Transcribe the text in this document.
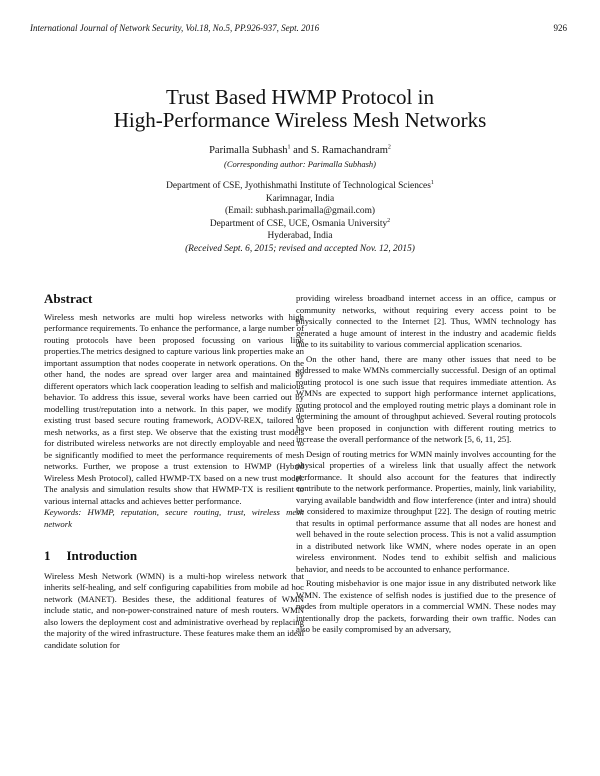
International Journal of Network Security, Vol.18, No.5, PP.926-937, Sept. 2016	926
Trust Based HWMP Protocol in
High-Performance Wireless Mesh Networks
Parimalla Subhash$^1$ and S. Ramachandram$^2$
(Corresponding author: Parimalla Subhash)
Department of CSE, Jyothishmathi Institute of Technological Sciences$^1$
Karimnagar, India
(Email: subhash.parimalla@gmail.com)
Department of CSE, UCE, Osmania University$^2$
Hyderabad, India
(Received Sept. 6, 2015; revised and accepted Nov. 12, 2015)
Abstract

Wireless mesh networks are multi hop wireless networks with high performance requirements. To enhance the performance, a large number of routing protocols have been proposed focussing on various link properties.The metrics designed to capture various link properties make an important assumption that nodes cooperate in network operations. On the other hand, the nodes are spread over larger area and maintained by different operators which lack cooperation leading to selfish and malicious behavior. To address this issue, several works have been carried out by modelling trust/reputation into a network. In this paper, we modify an existing trust based secure routing framework, AODV-REX, tailored to mesh networks, as a first step. We observe that the existing trust models for distributed wireless networks are not directly employable and need to be significantly modified to meet the performance requirements of mesh networks. Further, we propose a trust extension to HWMP (Hybrid Wireless Mesh Protocol), called HWMP-TX based on a new trust model. The analysis and simulation results show that HWMP-TX is resilient to various internal attacks and achieves better performance.

Keywords: HWMP, reputation, secure routing, trust, wireless mesh network

1 Introduction

Wireless Mesh Network (WMN) is a multi-hop wireless network that inherits self-healing, and self configuring capabilities from mobile ad hoc network (MANET). Besides these, the additional features of WMN include static, and non-power-constrained nature of mesh routers. WMN also lowers the deployment cost and administrative overhead by replacing the majority of the wired infrastructure. These features make them an ideal candidate solution for

providing wireless broadband internet access in an office, campus or community networks, without requiring every access point to be physically connected to the Internet [2]. Thus, WMN technology has generated a huge amount of interest in the industry and academic fields due to its suitability to various commercial application scenarios.

On the other hand, there are many other issues that need to be addressed to make WMNs commercially successful. Design of an optimal routing protocol is one such issue that requires immediate attention. As WMNs are expected to support high performance internet applications, routing protocol and the employed routing metric plays a dominant role in determining the amount of throughput achieved. Several routing protocols have been proposed in conjunction with different routing metrics to increase the overall performance of the network [5, 6, 11, 25].

Design of routing metrics for WMN mainly involves accounting for the physical properties of a wireless link that usually affect the network performance. It should also account for the features that indirectly contribute to the network performance. Properties, mainly, link variability, varying available bandwidth and flow interference (inter and intra) should be considered to maximize throughput [22]. The design of routing metric that results in optimal performance assume that all nodes are honest and well behaved in the route selection process. This is not a valid assumption in a distributed network like WMN, where nodes operate in an open wireless environment. Nodes tend to exhibit selfish and malicious behavior, and needs to be accounted to enhance performance.

Routing misbehavior is one major issue in any distributed network like WMN. The existence of selfish nodes is justified due to the presence of nodes from multiple operators in a commercial WMN. These nodes may intentionally drop the packets, forwarding their own traffic. Nodes can also be easily compromised by an adversary,
